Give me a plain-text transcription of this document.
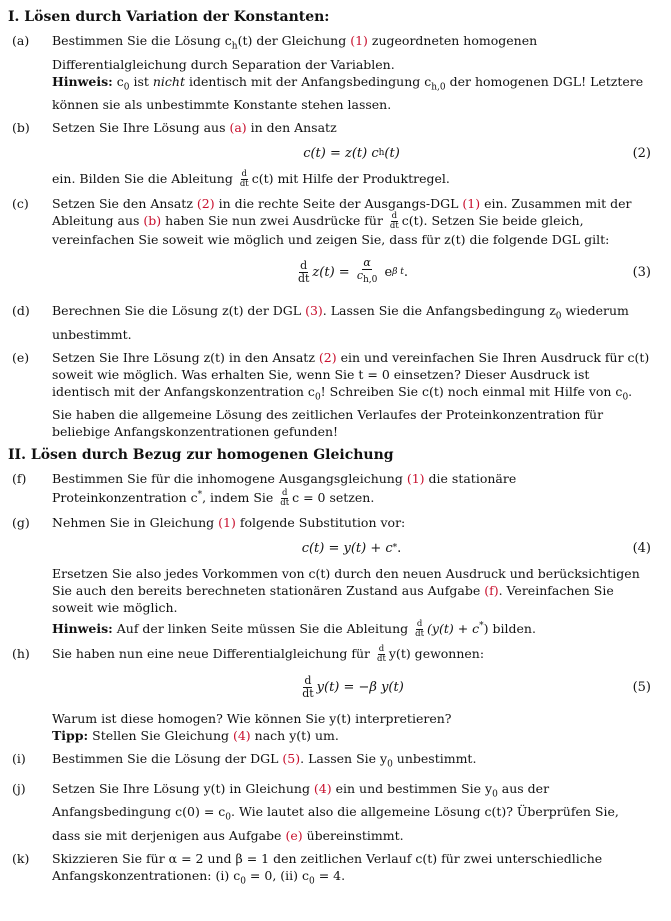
I. Lösen durch Variation der Konstanten:
(a)	Bestimmen Sie die Lösung $c_h(t)$ der Gleichung (1) zugeordneten homogenen Differentialgleichung durch Separation der Variablen.

Hinweis: $c_0$ ist nicht identisch mit der Anfangsbedingung $c_{h,0}$ der homogenen DGL! Letztere können sie als unbestimmte Konstante stehen lassen.

(b)	Setzen Sie Ihre Lösung aus (a) in den Ansatz

c(t) = z(t) c h (t)	(2)

ein. Bilden Sie die Ableitung $\frac{d}{dt} c(t)$ mit Hilfe der Produktregel.

(c)	Setzen Sie den Ansatz (2) in die rechte Seite der Ausgangs-DGL (1) ein. Zusammen mit der Ableitung aus (b) haben Sie nun zwei Ausdrücke für $\frac{d}{dt} c(t)$. Setzen Sie beide gleich, vereinfachen Sie soweit wie möglich und zeigen Sie, dass für z(t) die folgende DGL gilt:

$\frac{d}{dt} z(t)$ =
$\frac{\alpha}{c_{h,0}}$
e β t .	(3)
(d)	Berechnen Sie die Lösung z(t) der DGL (3). Lassen Sie die Anfangsbedingung $z_0$ wiederum unbestimmt.

(e)	Setzen Sie Ihre Lösung z(t) in den Ansatz (2) ein und vereinfachen Sie Ihren Ausdruck für c(t) soweit wie möglich. Was erhalten Sie, wenn Sie t = 0 einsetzen? Dieser Ausdruck ist identisch mit der Anfangskonzentration $c_0$! Schreiben Sie c(t) noch einmal mit Hilfe von $c_0$. Sie haben die allgemeine Lösung des zeitlichen Verlaufes der Proteinkonzentration für beliebige Anfangskonzentrationen gefunden!

II. Lösen durch Bezug zur homogenen Gleichung
(f)	Bestimmen Sie für die inhomogene Ausgangsgleichung (1) die stationäre Proteinkonzentration c*, indem Sie $\frac{d}{dt}$ c = 0 setzen.

(g)	Nehmen Sie in Gleichung (1) folgende Substitution vor:

c(t) = y(t) + c * .	(4)

Ersetzen Sie also jedes Vorkommen von c(t) durch den neuen Ausdruck und berücksichtigen Sie auch den bereits berechneten stationären Zustand aus Aufgabe (f). Vereinfachen Sie soweit wie möglich.

Hinweis: Auf der linken Seite müssen Sie die Ableitung $\frac{d}{dt} (y(t) + c^*)$ bilden.

(h)	Sie haben nun eine neue Differentialgleichung für $\frac{d}{dt} y(t)$ gewonnen:

$\frac{d}{dt} y(t) = -\beta$ y(t)	(5)

Warum ist diese homogen? Wie können Sie y(t) interpretieren?

Tipp: Stellen Sie Gleichung (4) nach y(t) um.

(i)	Bestimmen Sie die Lösung der DGL (5). Lassen Sie $y_0$ unbestimmt.

(j)	Setzen Sie Ihre Lösung y(t) in Gleichung (4) ein und bestimmen Sie $y_0$ aus der Anfangsbedingung $c(0) = c_0$. Wie lautet also die allgemeine Lösung c(t)? Überprüfen Sie, dass sie mit derjenigen aus Aufgabe (e) übereinstimmt.

(k)	Skizzieren Sie für α = 2 und β = 1 den zeitlichen Verlauf c(t) für zwei unterschiedliche Anfangskonzentrationen: (i) $c_0 = 0$, (ii) $c_0 = 4$.
